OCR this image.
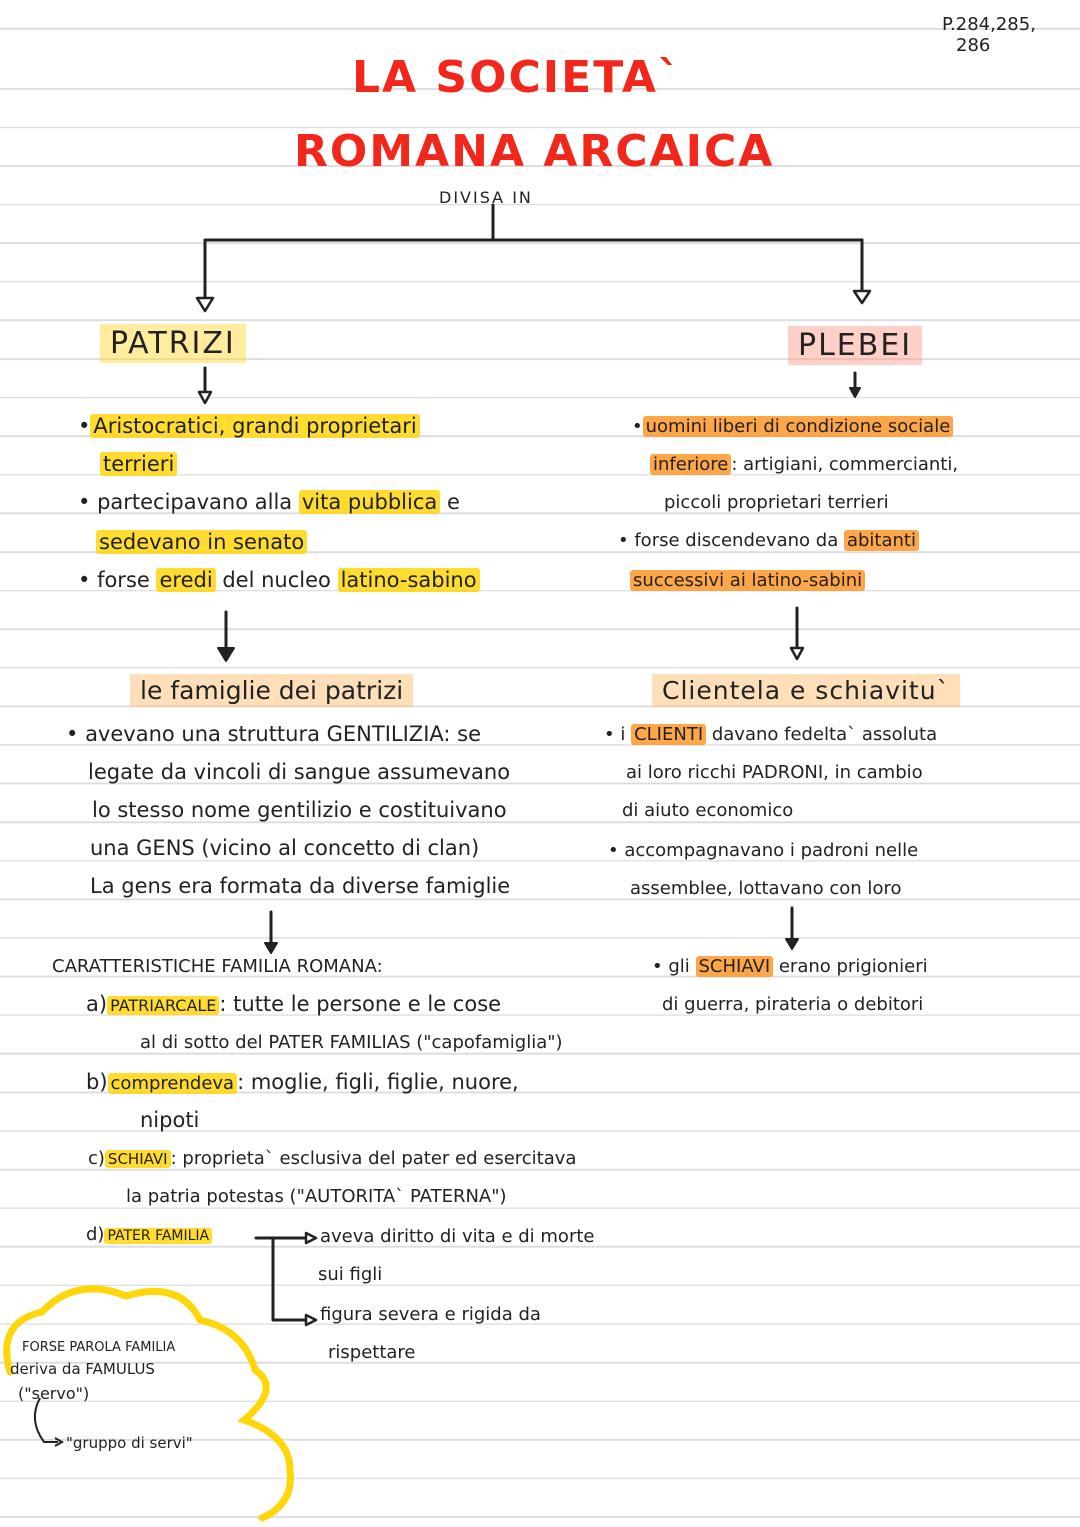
P.284,285,
286
LA SOCIETA`
ROMANA ARCAICA
DIVISA IN
PATRIZI
• Aristocratici, grandi proprietari
terrieri
• partecipavano alla vita pubblica e
sedevano in senato
• forse eredi del nucleo latino-sabino
PLEBEI
• uomini liberi di condizione sociale
inferiore : artigiani, commercianti,
piccoli proprietari terrieri
• forse discendevano da abitanti
successivi ai latino-sabini
le famiglie dei patrizi
• avevano una struttura GENTILIZIA: se
legate da vincoli di sangue assumevano
lo stesso nome gentilizio e costituivano
una GENS (vicino al concetto di clan)
La gens era formata da diverse famiglie
Clientela e schiavitu`
• i CLIENTI davano fedelta` assoluta
ai loro ricchi PADRONI, in cambio
di aiuto economico
• accompagnavano i padroni nelle
assemblee, lottavano con loro
• gli SCHIAVI erano prigionieri
di guerra, pirateria o debitori
CARATTERISTICHE FAMILIA ROMANA:
a) PATRIARCALE : tutte le persone e le cose
al di sotto del PATER FAMILIAS ("capofamiglia")
b) comprendeva : moglie, figli, figlie, nuore,
nipoti
c) SCHIAVI : proprieta` esclusiva del pater ed esercitava
la patria potestas ("AUTORITA` PATERNA")
d) PATER FAMILIA	aveva diritto di vita e di morte
sui figli
figura severa e rigida da
rispettare
FORSE PAROLA FAMILIA
deriva da FAMULUS
("servo")
"gruppo di servi"
